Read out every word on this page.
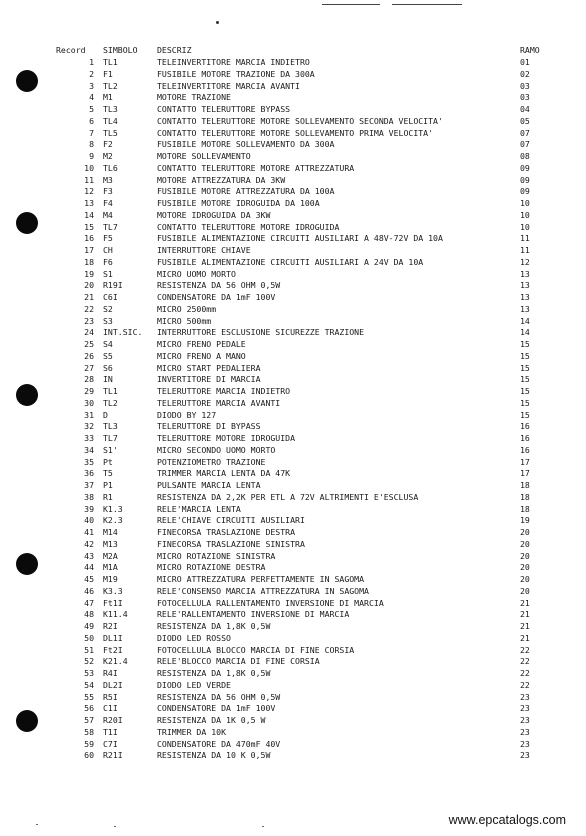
Record SIMBOLO	DESCRIZ	RAMO
1 TL1	TELEINVERTITORE MARCIA INDIETRO	01
2 F1	FUSIBILE MOTORE TRAZIONE DA 300A	02
3 TL2	TELEINVERTITORE MARCIA AVANTI	03
4 M1	MOTORE TRAZIONE	03
5 TL3	CONTATTO TELERUTTORE BYPASS	04
6 TL4	CONTATTO TELERUTTORE MOTORE SOLLEVAMENTO SECONDA VELOCITA'	05
7 TL5	CONTATTO TELERUTTORE MOTORE SOLLEVAMENTO PRIMA VELOCITA'	07
8 F2	FUSIBILE MOTORE SOLLEVAMENTO DA 300A	07
9 M2	MOTORE SOLLEVAMENTO	08
10 TL6	CONTATTO TELERUTTORE MOTORE ATTREZZATURA	09
11 M3	MOTORE ATTREZZATURA DA 3KW	09
12 F3	FUSIBILE MOTORE ATTREZZATURA DA 100A	09
13 F4	FUSIBILE MOTORE IDROGUIDA DA 100A	10
14 M4	MOTORE IDROGUIDA DA 3KW	10
15 TL7	CONTATTO TELERUTTORE MOTORE IDROGUIDA	10
16 F5	FUSIBILE ALIMENTAZIONE CIRCUITI AUSILIARI A 48V-72V DA 10A	11
17 CH	INTERRUTTORE CHIAVE	11
18 F6	FUSIBILE ALIMENTAZIONE CIRCUITI AUSILIARI A 24V DA 10A	12
19 S1	MICRO UOMO MORTO	13
20 R19I	RESISTENZA DA 56 OHM 0,5W	13
21 C6I	CONDENSATORE DA 1mF 100V	13
22 S2	MICRO 2500mm	13
23 S3	MICRO 500mm	14
24 INT.SIC.	INTERRUTTORE ESCLUSIONE SICUREZZE TRAZIONE	14
25 S4	MICRO FRENO PEDALE	15
26 S5	MICRO FRENO A MANO	15
27 S6	MICRO START PEDALIERA	15
28 IN	INVERTITORE DI MARCIA	15
29 TL1	TELERUTTORE MARCIA INDIETRO	15
30 TL2	TELERUTTORE MARCIA AVANTI	15
31 D	DIODO BY 127	15
32 TL3	TELERUTTORE DI BYPASS	16
33 TL7	TELERUTTORE MOTORE IDROGUIDA	16
34 S1'	MICRO SECONDO UOMO MORTO	16
35 Pt	POTENZIOMETRO TRAZIONE	17
36 T5	TRIMMER MARCIA LENTA DA 47K	17
37 P1	PULSANTE MARCIA LENTA	18
38 R1	RESISTENZA DA 2,2K PER ETL A 72V ALTRIMENTI E'ESCLUSA	18
39 K1.3	RELE'MARCIA LENTA	18
40 K2.3	RELE'CHIAVE CIRCUITI AUSILIARI	19
41 M14	FINECORSA TRASLAZIONE DESTRA	20
42 M13	FINECORSA TRASLAZIONE SINISTRA	20
43 M2A	MICRO ROTAZIONE SINISTRA	20
44 M1A	MICRO ROTAZIONE DESTRA	20
45 M19	MICRO ATTREZZATURA PERFETTAMENTE IN SAGOMA	20
46 K3.3	RELE'CONSENSO MARCIA ATTREZZATURA IN SAGOMA	20
47 Ft1I	FOTOCELLULA RALLENTAMENTO INVERSIONE DI MARCIA	21
48 K11.4	RELE'RALLENTAMENTO INVERSIONE DI MARCIA	21
49 R2I	RESISTENZA DA 1,8K 0,5W	21
50 DL1I	DIODO LED ROSSO	21
51 Ft2I	FOTOCELLULA BLOCCO MARCIA DI FINE CORSIA	22
52 K21.4	RELE'BLOCCO MARCIA DI FINE CORSIA	22
53 R4I	RESISTENZA DA 1,8K 0,5W	22
54 DL2I	DIODO LED VERDE	22
55 R5I	RESISTENZA DA 56 OHM 0,5W	23
56 C1I	CONDENSATORE DA 1mF 100V	23
57 R20I	RESISTENZA DA 1K 0,5 W	23
58 T1I	TRIMMER DA 10K	23
59 C7I	CONDENSATORE DA 470mF 40V	23
60 R21I	RESISTENZA DA 10 K 0,5W	23
www.epcatalogs.com
